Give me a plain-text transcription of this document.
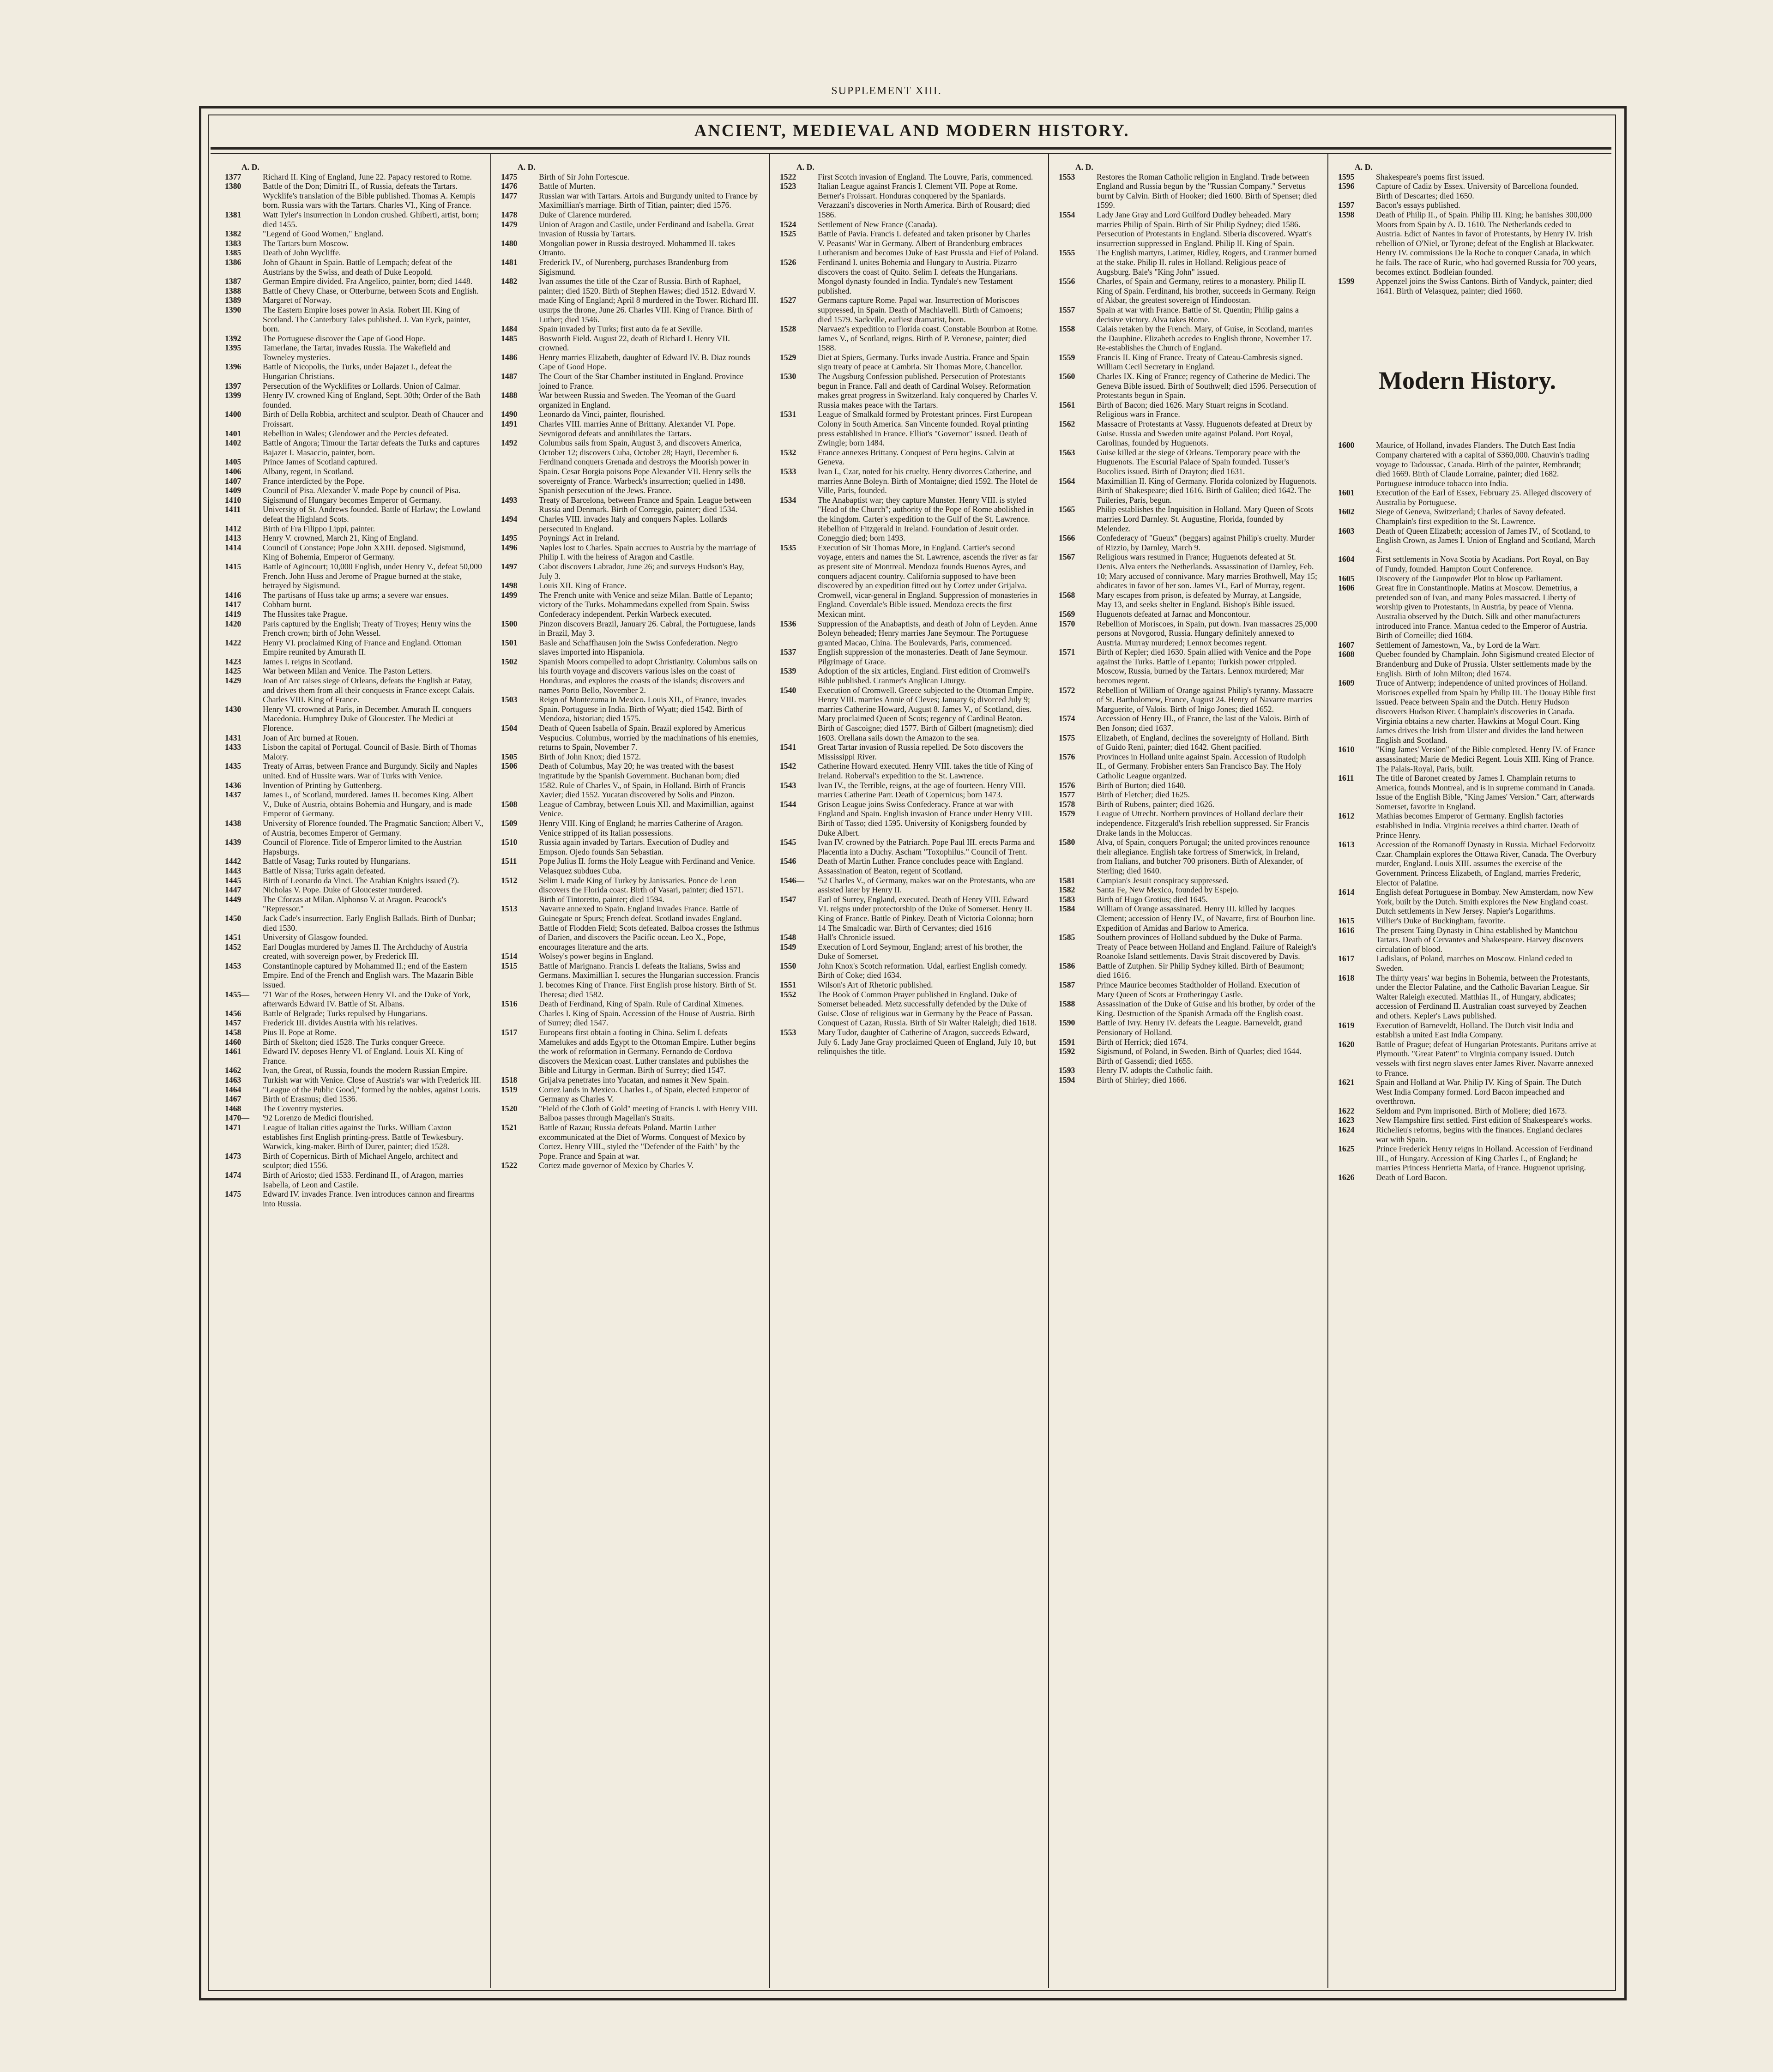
SUPPLEMENT XIII.
ANCIENT, MEDIEVAL AND MODERN HISTORY.
A. D.
1377	Richard II. King of England, June 22. Papacy restored to Rome.
1380	Battle of the Don; Dimitri II., of Russia, defeats the Tartars. Wycklife's translation of the Bible published. Thomas A. Kempis born. Russia wars with the Tartars. Charles VI., King of France.
1381	Watt Tyler's insurrection in London crushed. Ghiberti, artist, born; died 1455.
1382	"Legend of Good Women," England.
1383	The Tartars burn Moscow.
1385	Death of John Wycliffe.
1386	John of Ghaunt in Spain. Battle of Lempach; defeat of the Austrians by the Swiss, and death of Duke Leopold.
1387	German Empire divided. Fra Angelico, painter, born; died 1448.
1388	Battle of Chevy Chase, or Otterburne, between Scots and English.
1389	Margaret of Norway.
1390	The Eastern Empire loses power in Asia. Robert III. King of Scotland. The Canterbury Tales published. J. Van Eyck, painter, born.
1392	The Portuguese discover the Cape of Good Hope.
1395	Tamerlane, the Tartar, invades Russia. The Wakefield and Towneley mysteries.
1396	Battle of Nicopolis, the Turks, under Bajazet I., defeat the Hungarian Christians.
1397	Persecution of the Wycklifites or Lollards. Union of Calmar.
1399	Henry IV. crowned King of England, Sept. 30th; Order of the Bath founded.
1400	Birth of Della Robbia, architect and sculptor. Death of Chaucer and Froissart.
1401	Rebellion in Wales; Glendower and the Percies defeated.
1402	Battle of Angora; Timour the Tartar defeats the Turks and captures Bajazet I. Masaccio, painter, born.
1405	Prince James of Scotland captured.
1406	Albany, regent, in Scotland.
1407	France interdicted by the Pope.
1409	Council of Pisa. Alexander V. made Pope by council of Pisa.
1410	Sigismund of Hungary becomes Emperor of Germany.
1411	University of St. Andrews founded. Battle of Harlaw; the Lowland defeat the Highland Scots.
1412	Birth of Fra Filippo Lippi, painter.
1413	Henry V. crowned, March 21, King of England.
1414	Council of Constance; Pope John XXIII. deposed. Sigismund, King of Bohemia, Emperor of Germany.
1415	Battle of Agincourt; 10,000 English, under Henry V., defeat 50,000 French. John Huss and Jerome of Prague burned at the stake, betrayed by Sigismund.
1416	The partisans of Huss take up arms; a severe war ensues.
1417	Cobham burnt.
1419	The Hussites take Prague.
1420	Paris captured by the English; Treaty of Troyes; Henry wins the French crown; birth of John Wessel.
1422	Henry VI. proclaimed King of France and England. Ottoman Empire reunited by Amurath II.
1423	James I. reigns in Scotland.
1425	War between Milan and Venice. The Paston Letters.
1429	Joan of Arc raises siege of Orleans, defeats the English at Patay, and drives them from all their conquests in France except Calais. Charles VIII. King of France.
1430	Henry VI. crowned at Paris, in December. Amurath II. conquers Macedonia. Humphrey Duke of Gloucester. The Medici at Florence.
1431	Joan of Arc burned at Rouen.
1433	Lisbon the capital of Portugal. Council of Basle. Birth of Thomas Malory.
1435	Treaty of Arras, between France and Burgundy. Sicily and Naples united. End of Hussite wars. War of Turks with Venice.
1436	Invention of Printing by Guttenberg.
1437	James I., of Scotland, murdered. James II. becomes King. Albert V., Duke of Austria, obtains Bohemia and Hungary, and is made Emperor of Germany.
1438	University of Florence founded. The Pragmatic Sanction; Albert V., of Austria, becomes Emperor of Germany.
1439	Council of Florence. Title of Emperor limited to the Austrian Hapsburgs.
1442	Battle of Vasag; Turks routed by Hungarians.
1443	Battle of Nissa; Turks again defeated.
1445	Birth of Leonardo da Vinci. The Arabian Knights issued (?).
1447	Nicholas V. Pope. Duke of Gloucester murdered.
1449	The Cforzas at Milan. Alphonso V. at Aragon. Peacock's "Repressor."
1450	Jack Cade's insurrection. Early English Ballads. Birth of Dunbar; died 1530.
1451	University of Glasgow founded.
1452	Earl Douglas murdered by James II. The Archduchy of Austria created, with sovereign power, by Frederick III.
1453	Constantinople captured by Mohammed II.; end of the Eastern Empire. End of the French and English wars. The Mazarin Bible issued.
1455— '71 War of the Roses, between Henry VI. and the Duke of York, afterwards Edward IV. Battle of St. Albans.
1456	Battle of Belgrade; Turks repulsed by Hungarians.
1457	Frederick III. divides Austria with his relatives.
1458	Pius II. Pope at Rome.
1460	Birth of Skelton; died 1528. The Turks conquer Greece.
1461	Edward IV. deposes Henry VI. of England. Louis XI. King of France.
1462	Ivan, the Great, of Russia, founds the modern Russian Empire.
1463	Turkish war with Venice. Close of Austria's war with Frederick III.
1464	"League of the Public Good," formed by the nobles, against Louis.
1467	Birth of Erasmus; died 1536.
1468	The Coventry mysteries.
1470— '92 Lorenzo de Medici flourished.
1471	League of Italian cities against the Turks. William Caxton establishes first English printing-press. Battle of Tewkesbury. Warwick, king-maker. Birth of Durer, painter; died 1528.
1473	Birth of Copernicus. Birth of Michael Angelo, architect and sculptor; died 1556.
1474	Birth of Ariosto; died 1533. Ferdinand II., of Aragon, marries Isabella, of Leon and Castile.
1475	Edward IV. invades France. Iven introduces cannon and firearms into Russia.
A. D.
1475	Birth of Sir John Fortescue.
1476	Battle of Murten.
1477	Russian war with Tartars. Artois and Burgundy united to France by Maximillian's marriage. Birth of Titian, painter; died 1576.
1478	Duke of Clarence murdered.
1479	Union of Aragon and Castile, under Ferdinand and Isabella. Great invasion of Russia by Tartars.
1480	Mongolian power in Russia destroyed. Mohammed II. takes Otranto.
1481	Frederick IV., of Nurenberg, purchases Brandenburg from Sigismund.
1482	Ivan assumes the title of the Czar of Russia. Birth of Raphael, painter; died 1520. Birth of Stephen Hawes; died 1512. Edward V. made King of England; April 8 murdered in the Tower. Richard III. usurps the throne, June 26. Charles VIII. King of France. Birth of Luther; died 1546.
1484	Spain invaded by Turks; first auto da fe at Seville.
1485	Bosworth Field. August 22, death of Richard I. Henry VII. crowned.
1486	Henry marries Elizabeth, daughter of Edward IV. B. Diaz rounds Cape of Good Hope.
1487	The Court of the Star Chamber instituted in England. Province joined to France.
1488	War between Russia and Sweden. The Yeoman of the Guard organized in England.
1490	Leonardo da Vinci, painter, flourished.
1491	Charles VIII. marries Anne of Brittany. Alexander VI. Pope. Sevnigorod defeats and annihilates the Tartars.
1492	Columbus sails from Spain, August 3, and discovers America, October 12; discovers Cuba, October 28; Hayti, December 6. Ferdinand conquers Grenada and destroys the Moorish power in Spain. Cesar Borgia poisons Pope Alexander VII. Henry sells the sovereignty of France. Warbeck's insurrection; quelled in 1498. Spanish persecution of the Jews. France.
1493	Treaty of Barcelona, between France and Spain. League between Russia and Denmark. Birth of Correggio, painter; died 1534.
1494	Charles VIII. invades Italy and conquers Naples. Lollards persecuted in England.
1495	Poynings' Act in Ireland.
1496	Naples lost to Charles. Spain accrues to Austria by the marriage of Philip I. with the heiress of Aragon and Castile.
1497	Cabot discovers Labrador, June 26; and surveys Hudson's Bay, July 3.
1498	Louis XII. King of France.
1499	The French unite with Venice and seize Milan. Battle of Lepanto; victory of the Turks. Mohammedans expelled from Spain. Swiss Confederacy independent. Perkin Warbeck executed.
1500	Pinzon discovers Brazil, January 26. Cabral, the Portuguese, lands in Brazil, May 3.
1501	Basle and Schaffhausen join the Swiss Confederation. Negro slaves imported into Hispaniola.
1502	Spanish Moors compelled to adopt Christianity. Columbus sails on his fourth voyage and discovers various isles on the coast of Honduras, and explores the coasts of the islands; discovers and names Porto Bello, November 2.
1503	Reign of Montezuma in Mexico. Louis XII., of France, invades Spain. Portuguese in India. Birth of Wyatt; died 1542. Birth of Mendoza, historian; died 1575.
1504	Death of Queen Isabella of Spain. Brazil explored by Americus Vespucius. Columbus, worried by the machinations of his enemies, returns to Spain, November 7.
1505	Birth of John Knox; died 1572.
1506	Death of Columbus, May 20; he was treated with the basest ingratitude by the Spanish Government. Buchanan born; died 1582. Rule of Charles V., of Spain, in Holland. Birth of Francis Xavier; died 1552. Yucatan discovered by Solis and Pinzon.
1508	League of Cambray, between Louis XII. and Maximillian, against Venice.
1509	Henry VIII. King of England; he marries Catherine of Aragon. Venice stripped of its Italian possessions.
1510	Russia again invaded by Tartars. Execution of Dudley and Empson. Ojedo founds San Sebastian.
1511	Pope Julius II. forms the Holy League with Ferdinand and Venice. Velasquez subdues Cuba.
1512	Selim I. made King of Turkey by Janissaries. Ponce de Leon discovers the Florida coast. Birth of Vasari, painter; died 1571. Birth of Tintoretto, painter; died 1594.
1513	Navarre annexed to Spain. England invades France. Battle of Guinegate or Spurs; French defeat. Scotland invades England. Battle of Flodden Field; Scots defeated. Balboa crosses the Isthmus of Darien, and discovers the Pacific ocean. Leo X., Pope, encourages literature and the arts.
1514	Wolsey's power begins in England.
1515	Battle of Marignano. Francis I. defeats the Italians, Swiss and Germans. Maximillian I. secures the Hungarian succession. Francis I. becomes King of France. First English prose history. Birth of St. Theresa; died 1582.
1516	Death of Ferdinand, King of Spain. Rule of Cardinal Ximenes. Charles I. King of Spain. Accession of the House of Austria. Birth of Surrey; died 1547.
1517	Europeans first obtain a footing in China. Selim I. defeats Mamelukes and adds Egypt to the Ottoman Empire. Luther begins the work of reformation in Germany. Fernando de Cordova discovers the Mexican coast. Luther translates and publishes the Bible and Liturgy in German. Birth of Surrey; died 1547.
1518	Grijalva penetrates into Yucatan, and names it New Spain.
1519	Cortez lands in Mexico. Charles I., of Spain, elected Emperor of Germany as Charles V.
1520	"Field of the Cloth of Gold" meeting of Francis I. with Henry VIII. Balboa passes through Magellan's Straits.
1521	Battle of Razau; Russia defeats Poland. Martin Luther excommunicated at the Diet of Worms. Conquest of Mexico by Cortez. Henry VIII., styled the "Defender of the Faith" by the Pope. France and Spain at war.
1522	Cortez made governor of Mexico by Charles V.
A. D.
1522	First Scotch invasion of England. The Louvre, Paris, commenced.
1523	Italian League against Francis I. Clement VII. Pope at Rome. Berner's Froissart. Honduras conquered by the Spaniards. Verazzani's discoveries in North America. Birth of Rousard; died 1586.
1524	Settlement of New France (Canada).
1525	Battle of Pavia. Francis I. defeated and taken prisoner by Charles V. Peasants' War in Germany. Albert of Brandenburg embraces Lutheranism and becomes Duke of East Prussia and Fief of Poland.
1526	Ferdinand I. unites Bohemia and Hungary to Austria. Pizarro discovers the coast of Quito. Selim I. defeats the Hungarians. Mongol dynasty founded in India. Tyndale's new Testament published.
1527	Germans capture Rome. Papal war. Insurrection of Moriscoes suppressed, in Spain. Death of Machiavelli. Birth of Camoens; died 1579. Sackville, earliest dramatist, born.
1528	Narvaez's expedition to Florida coast. Constable Bourbon at Rome. James V., of Scotland, reigns. Birth of P. Veronese, painter; died 1588.
1529	Diet at Spiers, Germany. Turks invade Austria. France and Spain sign treaty of peace at Cambria. Sir Thomas More, Chancellor.
1530	The Augsburg Confession published. Persecution of Protestants begun in France. Fall and death of Cardinal Wolsey. Reformation makes great progress in Switzerland. Italy conquered by Charles V. Russia makes peace with the Tartars.
1531	League of Smalkald formed by Protestant princes. First European Colony in South America. San Vincente founded. Royal printing press established in France. Elliot's "Governor" issued. Death of Zwingle; born 1484.
1532	France annexes Brittany. Conquest of Peru begins. Calvin at Geneva.
1533	Ivan I., Czar, noted for his cruelty. Henry divorces Catherine, and marries Anne Boleyn. Birth of Montaigne; died 1592. The Hotel de Ville, Paris, founded.
1534	The Anabaptist war; they capture Munster. Henry VIII. is styled "Head of the Church"; authority of the Pope of Rome abolished in the kingdom. Carter's expedition to the Gulf of the St. Lawrence. Rebellion of Fitzgerald in Ireland. Foundation of Jesuit order. Coneggio died; born 1493.
1535	Execution of Sir Thomas More, in England. Cartier's second voyage, enters and names the St. Lawrence, ascends the river as far as present site of Montreal. Mendoza founds Buenos Ayres, and conquers adjacent country. California supposed to have been discovered by an expedition fitted out by Cortez under Grijalva. Cromwell, vicar-general in England. Suppression of monasteries in England. Coverdale's Bible issued. Mendoza erects the first Mexican mint.
1536	Suppression of the Anabaptists, and death of John of Leyden. Anne Boleyn beheaded; Henry marries Jane Seymour. The Portuguese granted Macao, China. The Boulevards, Paris, commenced.
1537	English suppression of the monasteries. Death of Jane Seymour. Pilgrimage of Grace.
1539	Adoption of the six articles, England. First edition of Cromwell's Bible published. Cranmer's Anglican Liturgy.
1540	Execution of Cromwell. Greece subjected to the Ottoman Empire. Henry VIII. marries Annie of Cleves; January 6; divorced July 9; marries Catherine Howard, August 8. James V., of Scotland, dies. Mary proclaimed Queen of Scots; regency of Cardinal Beaton. Birth of Gascoigne; died 1577. Birth of Gilbert (magnetism); died 1603. Orellana sails down the Amazon to the sea.
1541	Great Tartar invasion of Russia repelled. De Soto discovers the Mississippi River.
1542	Catherine Howard executed. Henry VIII. takes the title of King of Ireland. Roberval's expedition to the St. Lawrence.
1543	Ivan IV., the Terrible, reigns, at the age of fourteen. Henry VIII. marries Catherine Parr. Death of Copernicus; born 1473.
1544	Grison League joins Swiss Confederacy. France at war with England and Spain. English invasion of France under Henry VIII. Birth of Tasso; died 1595. University of Konigsberg founded by Duke Albert.
1545	Ivan IV. crowned by the Patriarch. Pope Paul III. erects Parma and Placentia into a Duchy. Ascham "Toxophilus." Council of Trent.
1546	Death of Martin Luther. France concludes peace with England. Assassination of Beaton, regent of Scotland.
1546— '52 Charles V., of Germany, makes war on the Protestants, who are assisted later by Henry II.
1547	Earl of Surrey, England, executed. Death of Henry VIII. Edward VI. reigns under protectorship of the Duke of Somerset. Henry II. King of France. Battle of Pinkey. Death of Victoria Colonna; born 14 The Smalcadic war. Birth of Cervantes; died 1616
1548	Hall's Chronicle issued.
1549	Execution of Lord Seymour, England; arrest of his brother, the Duke of Somerset.
1550	John Knox's Scotch reformation. Udal, earliest English comedy. Birth of Coke; died 1634.
1551	Wilson's Art of Rhetoric published.
1552	The Book of Common Prayer published in England. Duke of Somerset beheaded. Metz successfully defended by the Duke of Guise. Close of religious war in Germany by the Peace of Passan. Conquest of Cazan, Russia. Birth of Sir Walter Raleigh; died 1618.
1553	Mary Tudor, daughter of Catherine of Aragon, succeeds Edward, July 6. Lady Jane Gray proclaimed Queen of England, July 10, but relinquishes the title.
A. D.
1553	Restores the Roman Catholic religion in England. Trade between England and Russia begun by the "Russian Company." Servetus burnt by Calvin. Birth of Hooker; died 1600. Birth of Spenser; died 1599.
1554	Lady Jane Gray and Lord Guilford Dudley beheaded. Mary marries Philip of Spain. Birth of Sir Philip Sydney; died 1586. Persecution of Protestants in England. Siberia discovered. Wyatt's insurrection suppressed in England. Philip II. King of Spain.
1555	The English martyrs, Latimer, Ridley, Rogers, and Cranmer burned at the stake. Philip II. rules in Holland. Religious peace of Augsburg. Bale's "King John" issued.
1556	Charles, of Spain and Germany, retires to a monastery. Philip II. King of Spain. Ferdinand, his brother, succeeds in Germany. Reign of Akbar, the greatest sovereign of Hindoostan.
1557	Spain at war with France. Battle of St. Quentin; Philip gains a decisive victory. Alva takes Rome.
1558	Calais retaken by the French. Mary, of Guise, in Scotland, marries the Dauphine. Elizabeth accedes to English throne, November 17. Re-establishes the Church of England.
1559	Francis II. King of France. Treaty of Cateau-Cambresis signed. William Cecil Secretary in England.
1560	Charles IX. King of France; regency of Catherine de Medici. The Geneva Bible issued. Birth of Southwell; died 1596. Persecution of Protestants begun in Spain.
1561	Birth of Bacon; died 1626. Mary Stuart reigns in Scotland. Religious wars in France.
1562	Massacre of Protestants at Vassy. Huguenots defeated at Dreux by Guise. Russia and Sweden unite against Poland. Port Royal, Carolinas, founded by Huguenots.
1563	Guise killed at the siege of Orleans. Temporary peace with the Huguenots. The Escurial Palace of Spain founded. Tusser's Bucolics issued. Birth of Drayton; died 1631.
1564	Maximillian II. King of Germany. Florida colonized by Huguenots. Birth of Shakespeare; died 1616. Birth of Galileo; died 1642. The Tuileries, Paris, begun.
1565	Philip establishes the Inquisition in Holland. Mary Queen of Scots marries Lord Darnley. St. Augustine, Florida, founded by Melendez.
1566	Confederacy of "Gueux" (beggars) against Philip's cruelty. Murder of Rizzio, by Darnley, March 9.
1567	Religious wars resumed in France; Huguenots defeated at St. Denis. Alva enters the Netherlands. Assassination of Darnley, Feb. 10; Mary accused of connivance. Mary marries Brothwell, May 15; abdicates in favor of her son. James VI., Earl of Murray, regent.
1568	Mary escapes from prison, is defeated by Murray, at Langside, May 13, and seeks shelter in England. Bishop's Bible issued.
1569	Huguenots defeated at Jarnac and Moncontour.
1570	Rebellion of Moriscoes, in Spain, put down. Ivan massacres 25,000 persons at Novgorod, Russia. Hungary definitely annexed to Austria. Murray murdered; Lennox becomes regent.
1571	Birth of Kepler; died 1630. Spain allied with Venice and the Pope against the Turks. Battle of Lepanto; Turkish power crippled. Moscow, Russia, burned by the Tartars. Lennox murdered; Mar becomes regent.
1572	Rebellion of William of Orange against Philip's tyranny. Massacre of St. Bartholomew, France, August 24. Henry of Navarre marries Marguerite, of Valois. Birth of Inigo Jones; died 1652.
1574	Accession of Henry III., of France, the last of the Valois. Birth of Ben Jonson; died 1637.
1575	Elizabeth, of England, declines the sovereignty of Holland. Birth of Guido Reni, painter; died 1642. Ghent pacified.
1576	Provinces in Holland unite against Spain. Accession of Rudolph II., of Germany. Frobisher enters San Francisco Bay. The Holy Catholic League organized.
1576	Birth of Burton; died 1640.
1577	Birth of Fletcher; died 1625.
1578	Birth of Rubens, painter; died 1626.
1579	League of Utrecht. Northern provinces of Holland declare their independence. Fitzgerald's Irish rebellion suppressed. Sir Francis Drake lands in the Moluccas.
1580	Alva, of Spain, conquers Portugal; the united provinces renounce their allegiance. English take fortress of Smerwick, in Ireland, from Italians, and butcher 700 prisoners. Birth of Alexander, of Sterling; died 1640.
1581	Campian's Jesuit conspiracy suppressed.
1582	Santa Fe, New Mexico, founded by Espejo.
1583	Birth of Hugo Grotius; died 1645.
1584	William of Orange assassinated. Henry III. killed by Jacques Clement; accession of Henry IV., of Navarre, first of Bourbon line. Expedition of Amidas and Barlow to America.
1585	Southern provinces of Holland subdued by the Duke of Parma. Treaty of Peace between Holland and England. Failure of Raleigh's Roanoke Island settlements. Davis Strait discovered by Davis.
1586	Battle of Zutphen. Sir Philip Sydney killed. Birth of Beaumont; died 1616.
1587	Prince Maurice becomes Stadtholder of Holland. Execution of Mary Queen of Scots at Frotheringay Castle.
1588	Assassination of the Duke of Guise and his brother, by order of the King. Destruction of the Spanish Armada off the English coast.
1590	Battle of Ivry. Henry IV. defeats the League. Barneveldt, grand Pensionary of Holland.
1591	Birth of Herrick; died 1674.
1592	Sigismund, of Poland, in Sweden. Birth of Quarles; died 1644. Birth of Gassendi; died 1655.
1593	Henry IV. adopts the Catholic faith.
1594	Birth of Shirley; died 1666.
A. D.
1595	Shakespeare's poems first issued.
1596	Capture of Cadiz by Essex. University of Barcellona founded. Birth of Descartes; died 1650.
1597	Bacon's essays published.
1598	Death of Philip II., of Spain. Philip III. King; he banishes 300,000 Moors from Spain by A. D. 1610. The Netherlands ceded to Austria. Edict of Nantes in favor of Protestants, by Henry IV. Irish rebellion of O'Niel, or Tyrone; defeat of the English at Blackwater. Henry IV. commissions De la Roche to conquer Canada, in which he fails. The race of Ruric, who had governed Russia for 700 years, becomes extinct. Bodleian founded.
1599	Appenzel joins the Swiss Cantons. Birth of Vandyck, painter; died 1641. Birth of Velasquez, painter; died 1660.
Modern History.
1600	Maurice, of Holland, invades Flanders. The Dutch East India Company chartered with a capital of $360,000. Chauvin's trading voyage to Tadoussac, Canada. Birth of the painter, Rembrandt; died 1669. Birth of Claude Lorraine, painter; died 1682. Portuguese introduce tobacco into India.
1601	Execution of the Earl of Essex, February 25. Alleged discovery of Australia by Portuguese.
1602	Siege of Geneva, Switzerland; Charles of Savoy defeated. Champlain's first expedition to the St. Lawrence.
1603	Death of Queen Elizabeth; accession of James IV., of Scotland, to English Crown, as James I. Union of England and Scotland, March 4.
1604	First settlements in Nova Scotia by Acadians. Port Royal, on Bay of Fundy, founded. Hampton Court Conference.
1605	Discovery of the Gunpowder Plot to blow up Parliament.
1606	Great fire in Constantinople. Matins at Moscow. Demetrius, a pretended son of Ivan, and many Poles massacred. Liberty of worship given to Protestants, in Austria, by peace of Vienna. Australia observed by the Dutch. Silk and other manufacturers introduced into France. Mantua ceded to the Emperor of Austria. Birth of Corneille; died 1684.
1607	Settlement of Jamestown, Va., by Lord de la Warr.
1608	Quebec founded by Champlain. John Sigismund created Elector of Brandenburg and Duke of Prussia. Ulster settlements made by the English. Birth of John Milton; died 1674.
1609	Truce of Antwerp; independence of united provinces of Holland. Moriscoes expelled from Spain by Philip III. The Douay Bible first issued. Peace between Spain and the Dutch. Henry Hudson discovers Hudson River. Champlain's discoveries in Canada. Virginia obtains a new charter. Hawkins at Mogul Court. King James drives the Irish from Ulster and divides the land between English and Scotland.
1610	"King James' Version" of the Bible completed. Henry IV. of France assassinated; Marie de Medici Regent. Louis XIII. King of France. The Palais-Royal, Paris, built.
1611	The title of Baronet created by James I. Champlain returns to America, founds Montreal, and is in supreme command in Canada. Issue of the English Bible, "King James' Version." Carr, afterwards Somerset, favorite in England.
1612	Mathias becomes Emperor of Germany. English factories established in India. Virginia receives a third charter. Death of Prince Henry.
1613	Accession of the Romanoff Dynasty in Russia. Michael Fedorvoitz Czar. Champlain explores the Ottawa River, Canada. The Overbury murder, England. Louis XIII. assumes the exercise of the Government. Princess Elizabeth, of England, marries Frederic, Elector of Palatine.
1614	English defeat Portuguese in Bombay. New Amsterdam, now New York, built by the Dutch. Smith explores the New England coast. Dutch settlements in New Jersey. Napier's Logarithms.
1615	Villier's Duke of Buckingham, favorite.
1616	The present Taing Dynasty in China established by Mantchou Tartars. Death of Cervantes and Shakespeare. Harvey discovers circulation of blood.
1617	Ladislaus, of Poland, marches on Moscow. Finland ceded to Sweden.
1618	The thirty years' war begins in Bohemia, between the Protestants, under the Elector Palatine, and the Catholic Bavarian League. Sir Walter Raleigh executed. Matthias II., of Hungary, abdicates; accession of Ferdinand II. Australian coast surveyed by Zeachen and others. Kepler's Laws published.
1619	Execution of Barneveldt, Holland. The Dutch visit India and establish a united East India Company.
1620	Battle of Prague; defeat of Hungarian Protestants. Puritans arrive at Plymouth. "Great Patent" to Virginia company issued. Dutch vessels with first negro slaves enter James River. Navarre annexed to France.
1621	Spain and Holland at War. Philip IV. King of Spain. The Dutch West India Company formed. Lord Bacon impeached and overthrown.
1622	Seldom and Pym imprisoned. Birth of Moliere; died 1673.
1623	New Hampshire first settled. First edition of Shakespeare's works.
1624	Richelieu's reforms, begins with the finances. England declares war with Spain.
1625	Prince Frederick Henry reigns in Holland. Accession of Ferdinand III., of Hungary. Accession of King Charles I., of England; he marries Princess Henrietta Maria, of France. Huguenot uprising.
1626	Death of Lord Bacon.
